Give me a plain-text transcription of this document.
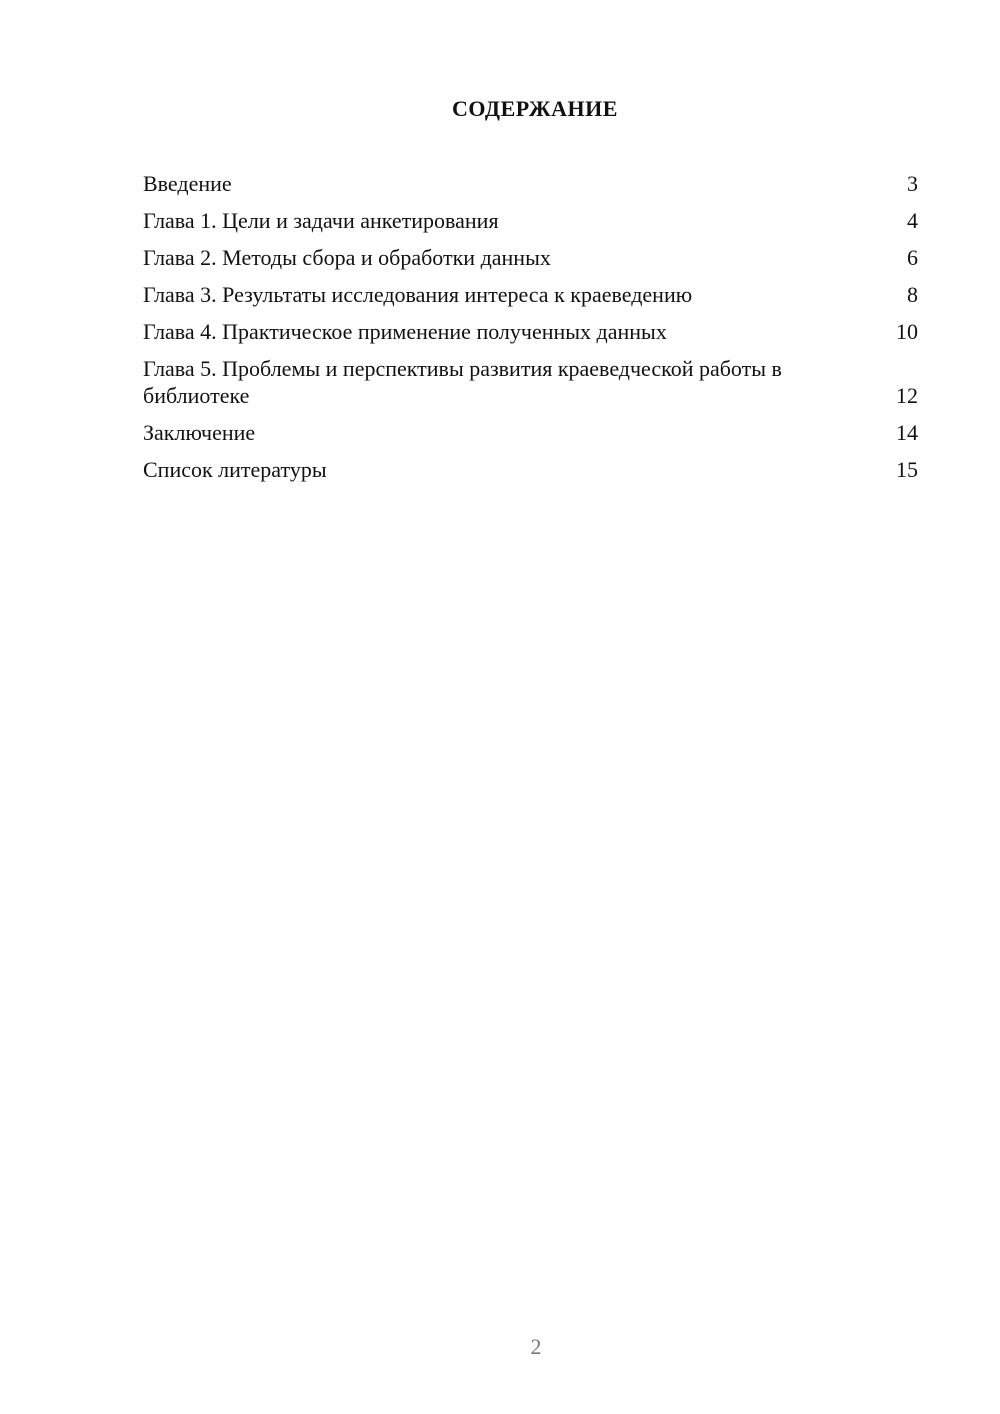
СОДЕРЖАНИЕ
Введение	3
Глава 1. Цели и задачи анкетирования	4
Глава 2. Методы сбора и обработки данных	6
Глава 3. Результаты исследования интереса к краеведению	8
Глава 4. Практическое применение полученных данных	10
Глава 5. Проблемы и перспективы развития краеведческой работы в библиотеке	12
Заключение	14
Список литературы	15
2
